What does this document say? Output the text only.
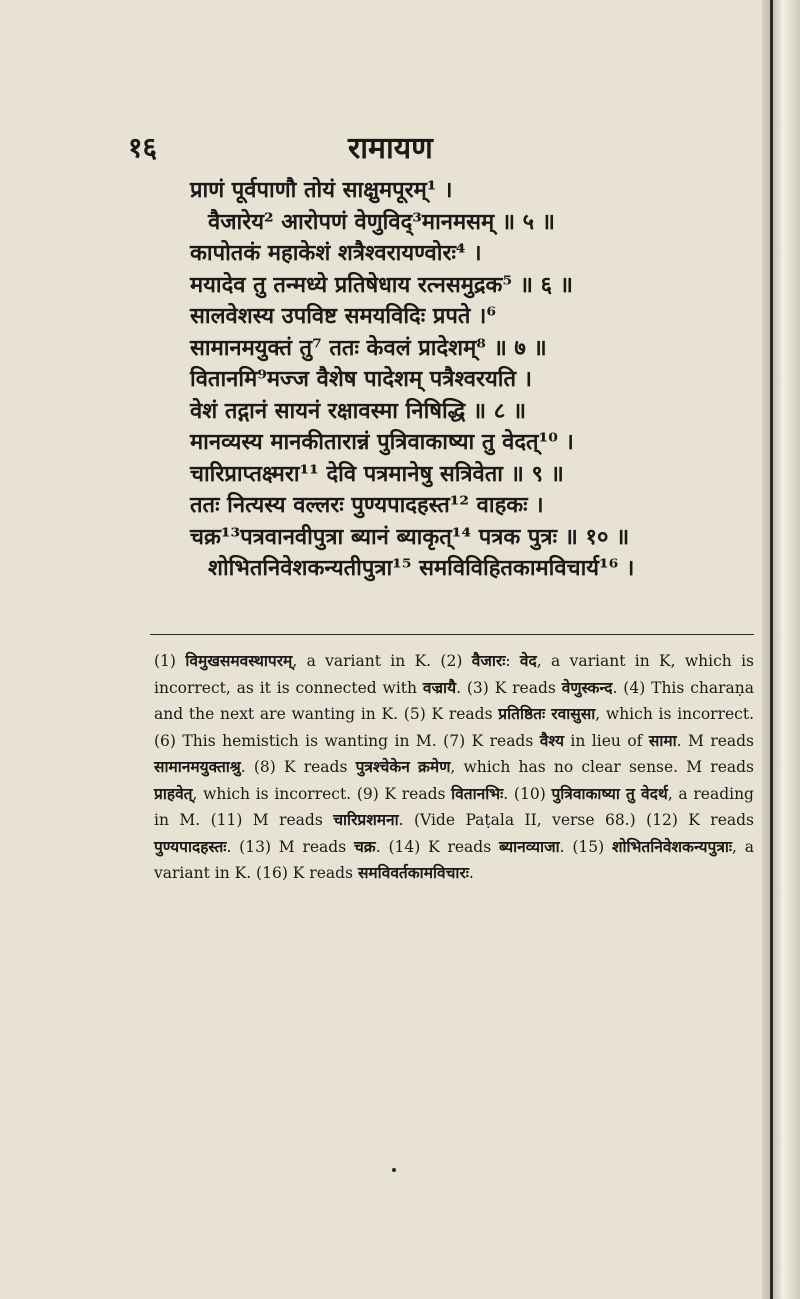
१६	रामायण
प्राणं पूर्वपाणौ तोयं साक्षुमपूरम्¹ ।
वैजारेय² आरोपणं वेणुविद्³मानमसम् ॥ ५ ॥
कापोतकं महाकेशं शत्रैश्वरायण्वोरः⁴ ।
मयादेव तु तन्मध्ये प्रतिषेधाय रत्नसमुद्रक⁵ ॥ ६ ॥
सालवेशस्य उपविष्ट समयविदिः प्रपते ।⁶
सामानमयुक्तं तु⁷ ततः केवलं प्रादेशम्⁸ ॥ ७ ॥
वितानमि⁹मज्ज वैशेष पादेशम् पत्रैश्वरयति ।
वेशं तद्गानं सायनं रक्षावस्मा निषिद्धि ॥ ८ ॥
मानव्यस्य मानकीतारान्नं पुत्रिवाकाष्या तु वेदत्¹⁰ ।
चारिप्राप्तक्ष्मरा¹¹ देवि पत्रमानेषु सत्रिवेता ॥ ९ ॥
ततः नित्यस्य वल्लरः पुण्यपादहस्त¹² वाहकः ।
चक्र¹³पत्रवानवीपुत्रा ब्यानं ब्याकृत्¹⁴ पत्रक पुत्रः ॥ १० ॥
शोभितनिवेशकन्यतीपुत्रा¹⁵ समविविहितकामविचार्य¹⁶ ।

(1) विमुखसमवस्थापरम्, a variant in K. (2) वैजारः: वेद, a variant in K, which is incorrect, as it is connected with वज्रायै. (3) K reads वेणुस्कन्द. (4) This charaṇa and the next are wanting in K. (5) K reads प्रतिष्ठितः रवासुसा, which is incorrect. (6) This hemistich is wanting in M. (7) K reads वैश्य in lieu of सामा. M reads सामानमयुक्ताश्रु. (8) K reads पुत्रश्चेकेन क्रमेण, which has no clear sense. M reads प्राहवेत्, which is incorrect. (9) K reads वितानभिः. (10) पुत्रिवाकाष्या तु वेदर्थ, a reading in M. (11) M reads चारिप्रशमना. (Vide Paṭala II, verse 68.) (12) K reads पुण्यपादहस्तः. (13) M reads चक्र. (14) K reads ब्यानव्याजा. (15) शोभितनिवेशकन्यपुत्राः, a variant in K. (16) K reads समविवर्तकामविचारः.
